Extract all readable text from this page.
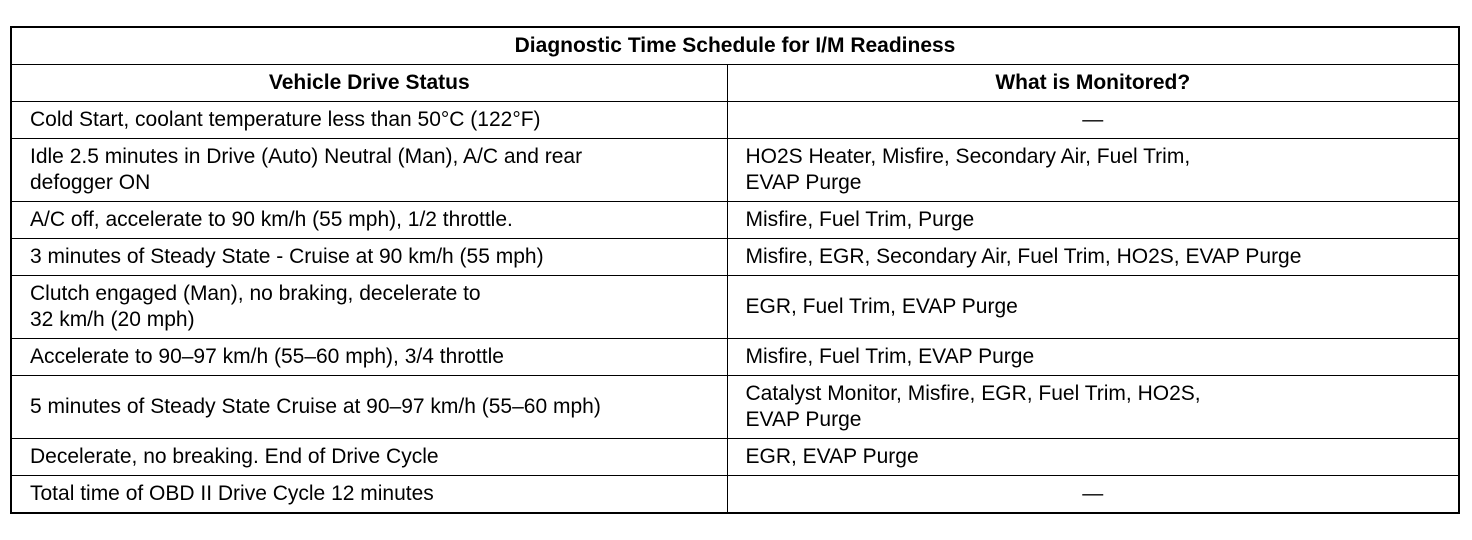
Diagnostic Time Schedule for I/M Readiness	
Vehicle Drive Status	What is Monitored?

Cold Start, coolant temperature less than 50°C (122°F)	—

Idle 2.5 minutes in Drive (Auto) Neutral (Man), A/C and rear
defogger ON	HO2S Heater, Misfire, Secondary Air, Fuel Trim,
EVAP Purge

A/C off, accelerate to 90 km/h (55 mph), 1/2 throttle.	Misfire, Fuel Trim, Purge

3 minutes of Steady State - Cruise at 90 km/h (55 mph)	Misfire, EGR, Secondary Air, Fuel Trim, HO2S, EVAP Purge

Clutch engaged (Man), no braking, decelerate to
32 km/h (20 mph)	EGR, Fuel Trim, EVAP Purge

Accelerate to 90–97 km/h (55–60 mph), 3/4 throttle	Misfire, Fuel Trim, EVAP Purge

5 minutes of Steady State Cruise at 90–97 km/h (55–60 mph)	Catalyst Monitor, Misfire, EGR, Fuel Trim, HO2S,
EVAP Purge

Decelerate, no breaking. End of Drive Cycle	EGR, EVAP Purge

Total time of OBD II Drive Cycle 12 minutes	—
